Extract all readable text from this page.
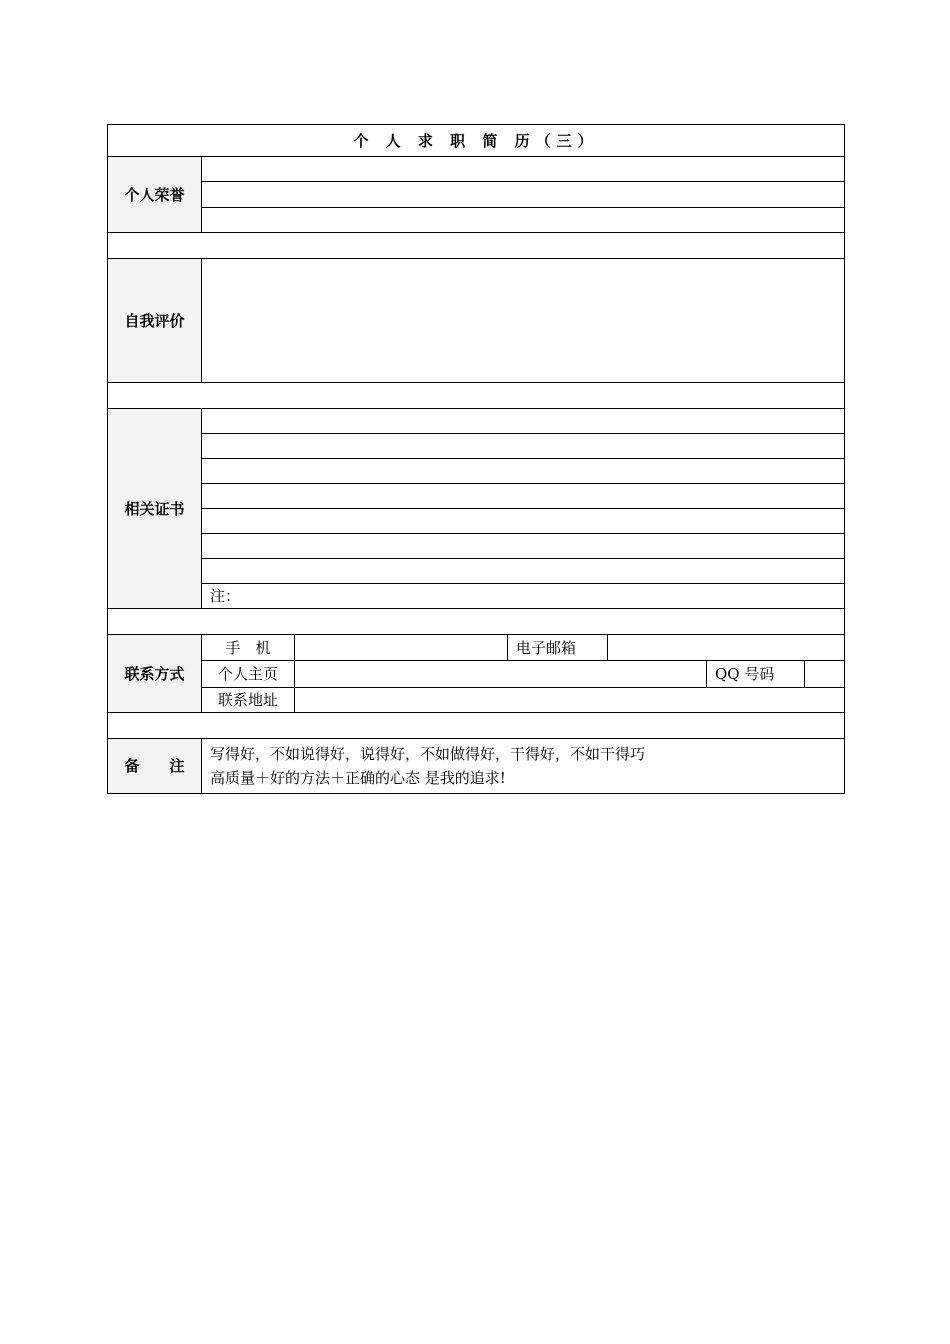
个 人 求 职 简 历（三）					
个人荣誉					

自我评价					

相关证书					

	注：				

联系方式	手　机		电子邮箱		
	个人主页				QQ 号码

	联系地址				

备　　注	写得好，不如说得好，说得好，不如做得好，干得好，不如干得巧
高质量＋好的方法＋正确的心态 是我的追求!				
